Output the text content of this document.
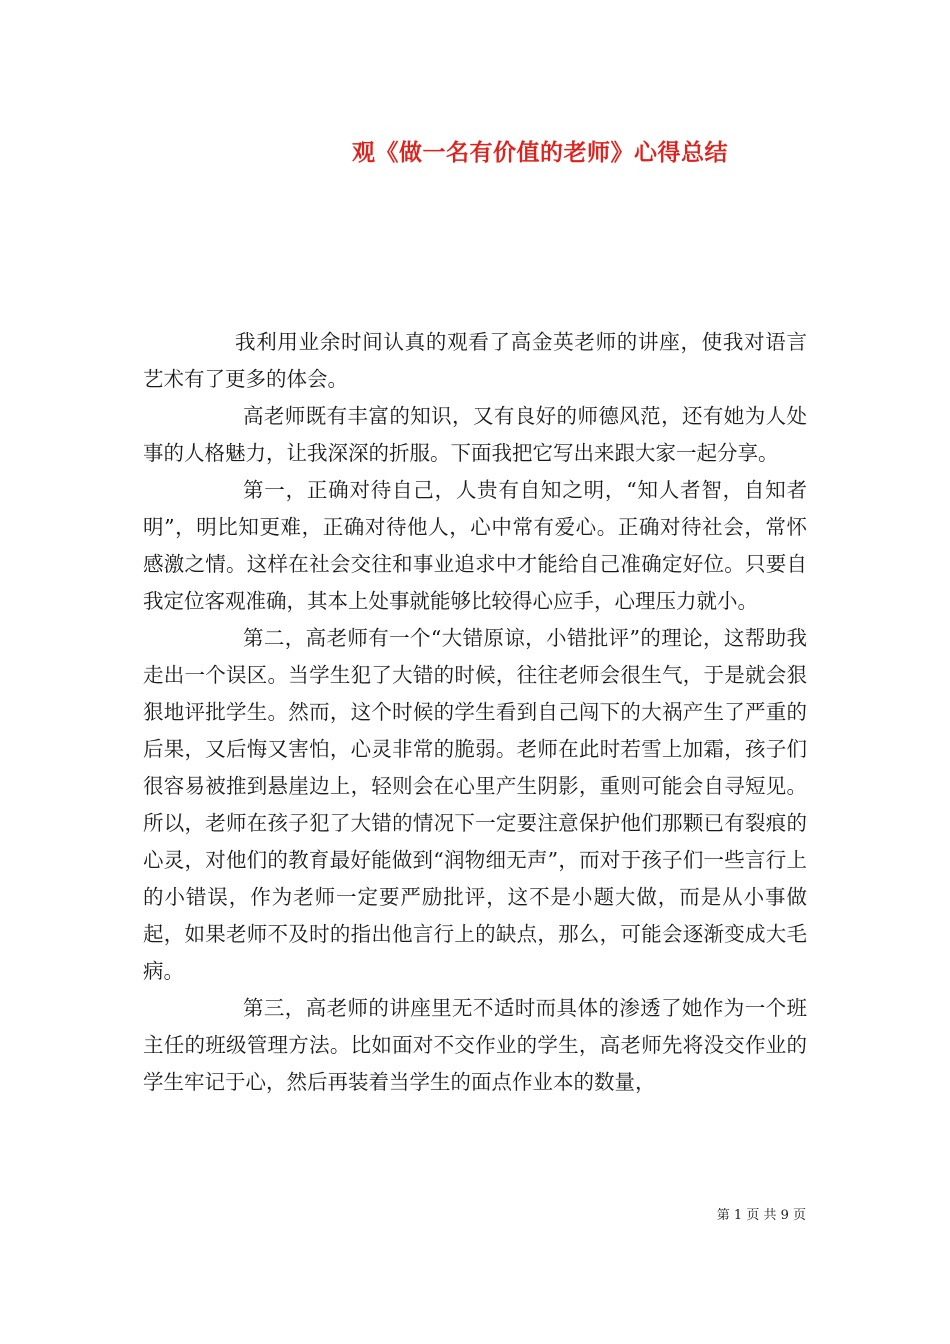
观《做一名有价值的老师》心得总结

我利用业余时间认真的观看了高金英老师的讲座，使我对语言艺术有了更多的体会。

高老师既有丰富的知识，又有良好的师德风范，还有她为人处事的人格魅力，让我深深的折服。下面我把它写出来跟大家一起分享。

第一，正确对待自己，人贵有自知之明，“知人者智，自知者明”，明比知更难，正确对待他人，心中常有爱心。正确对待社会，常怀感激之情。这样在社会交往和事业追求中才能给自己准确定好位。只要自我定位客观准确，其本上处事就能够比较得心应手，心理压力就小。

第二，高老师有一个“大错原谅，小错批评”的理论，这帮助我走出一个误区。当学生犯了大错的时候，往往老师会很生气，于是就会狠狠地评批学生。然而，这个时候的学生看到自己闯下的大祸产生了严重的后果，又后悔又害怕，心灵非常的脆弱。老师在此时若雪上加霜，孩子们很容易被推到悬崖边上，轻则会在心里产生阴影，重则可能会自寻短见。所以，老师在孩子犯了大错的情况下一定要注意保护他们那颗已有裂痕的心灵，对他们的教育最好能做到“润物细无声”，而对于孩子们一些言行上的小错误，作为老师一定要严励批评，这不是小题大做，而是从小事做起，如果老师不及时的指出他言行上的缺点，那么，可能会逐渐变成大毛病。

第三，高老师的讲座里无不适时而具体的渗透了她作为一个班主任的班级管理方法。比如面对不交作业的学生，高老师先将没交作业的学生牢记于心，然后再装着当学生的面点作业本的数量，

第 1 页 共 9 页
